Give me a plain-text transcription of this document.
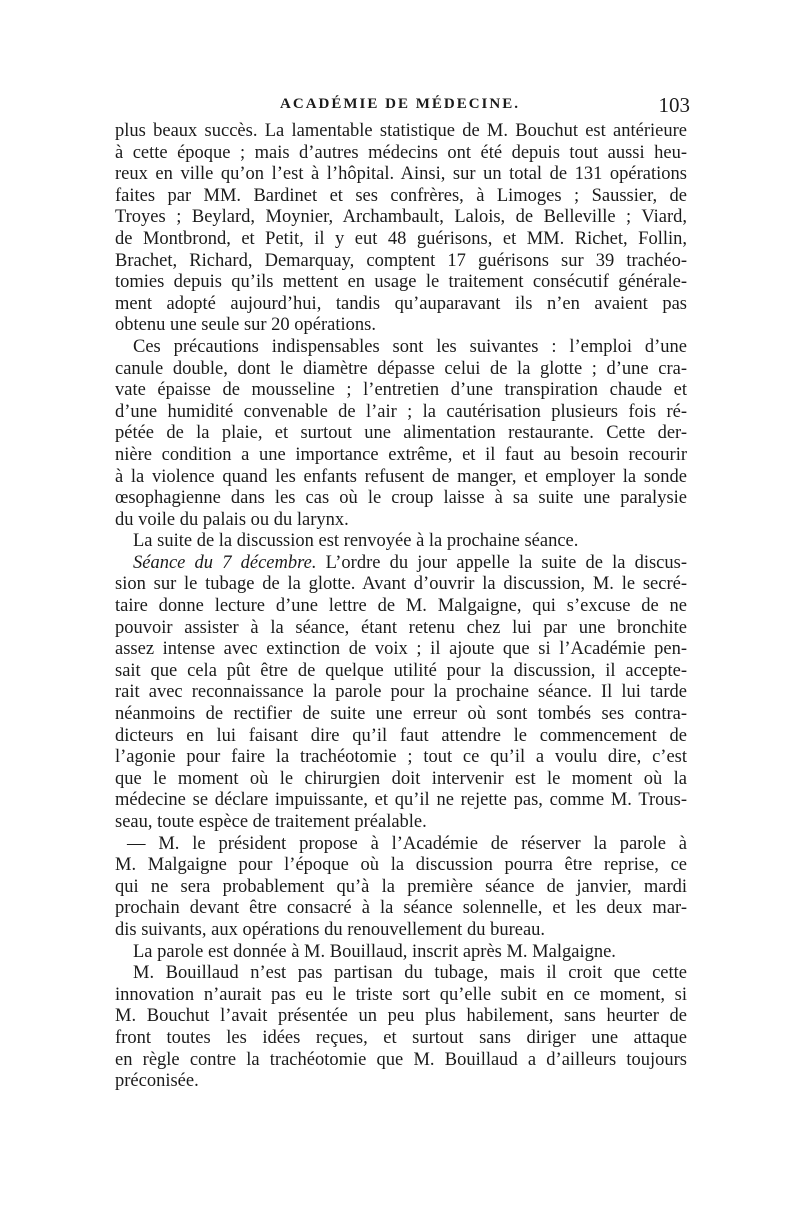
ACADÉMIE DE MÉDECINE.	103
plus beaux succès. La lamentable statistique de M. Bouchut est antérieure
à cette époque ; mais d’autres médecins ont été depuis tout aussi heu-
reux en ville qu’on l’est à l’hôpital. Ainsi, sur un total de 131 opérations
faites par MM. Bardinet et ses confrères, à Limoges ; Saussier, de
Troyes ; Beylard, Moynier, Archambault, Lalois, de Belleville ; Viard,
de Montbrond, et Petit, il y eut 48 guérisons, et MM. Richet, Follin,
Brachet, Richard, Demarquay, comptent 17 guérisons sur 39 trachéo-
tomies depuis qu’ils mettent en usage le traitement consécutif générale-
ment adopté aujourd’hui, tandis qu’auparavant ils n’en avaient pas
obtenu une seule sur 20 opérations.
Ces précautions indispensables sont les suivantes : l’emploi d’une
canule double, dont le diamètre dépasse celui de la glotte ; d’une cra-
vate épaisse de mousseline ; l’entretien d’une transpiration chaude et
d’une humidité convenable de l’air ; la cautérisation plusieurs fois ré-
pétée de la plaie, et surtout une alimentation restaurante. Cette der-
nière condition a une importance extrême, et il faut au besoin recourir
à la violence quand les enfants refusent de manger, et employer la sonde
œsophagienne dans les cas où le croup laisse à sa suite une paralysie
du voile du palais ou du larynx.
La suite de la discussion est renvoyée à la prochaine séance.
Séance du 7 décembre. L’ordre du jour appelle la suite de la discus-
sion sur le tubage de la glotte. Avant d’ouvrir la discussion, M. le secré-
taire donne lecture d’une lettre de M. Malgaigne, qui s’excuse de ne
pouvoir assister à la séance, étant retenu chez lui par une bronchite
assez intense avec extinction de voix ; il ajoute que si l’Académie pen-
sait que cela pût être de quelque utilité pour la discussion, il accepte-
rait avec reconnaissance la parole pour la prochaine séance. Il lui tarde
néanmoins de rectifier de suite une erreur où sont tombés ses contra-
dicteurs en lui faisant dire qu’il faut attendre le commencement de
l’agonie pour faire la trachéotomie ; tout ce qu’il a voulu dire, c’est
que le moment où le chirurgien doit intervenir est le moment où la
médecine se déclare impuissante, et qu’il ne rejette pas, comme M. Trous-
seau, toute espèce de traitement préalable.
— M. le président propose à l’Académie de réserver la parole à
M. Malgaigne pour l’époque où la discussion pourra être reprise, ce
qui ne sera probablement qu’à la première séance de janvier, mardi
prochain devant être consacré à la séance solennelle, et les deux mar-
dis suivants, aux opérations du renouvellement du bureau.
La parole est donnée à M. Bouillaud, inscrit après M. Malgaigne.
M. Bouillaud n’est pas partisan du tubage, mais il croit que cette
innovation n’aurait pas eu le triste sort qu’elle subit en ce moment, si
M. Bouchut l’avait présentée un peu plus habilement, sans heurter de
front toutes les idées reçues, et surtout sans diriger une attaque
en règle contre la trachéotomie que M. Bouillaud a d’ailleurs toujours
préconisée.
